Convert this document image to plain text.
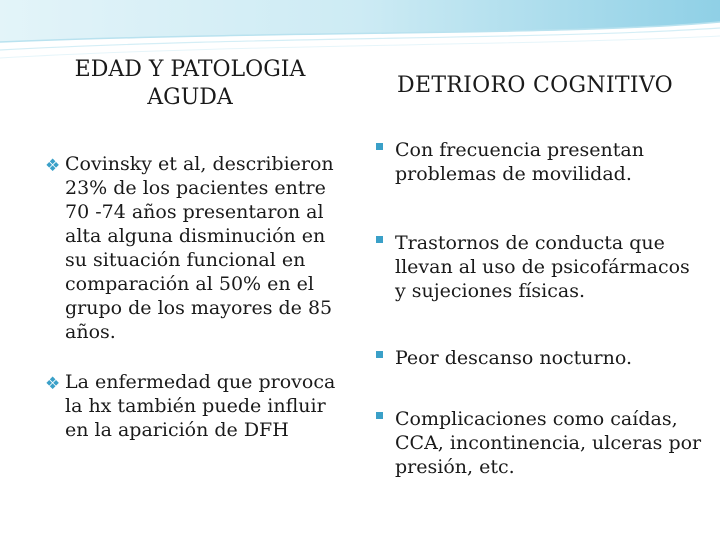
EDAD Y PATOLOGIA AGUDA	DETRIORO COGNITIVO
❖ Covinsky et al, describieron 23% de los pacientes entre 70 -74 años presentaron al alta alguna disminución en su situación funcional en comparación al 50% en el grupo de los mayores de 85 años.
❖ La enfermedad que provoca la hx también puede influir en la aparición de DFH
Con frecuencia presentan problemas de movilidad.
Trastornos de conducta que llevan al uso de psicofármacos y sujeciones físicas.
Peor descanso nocturno.
Complicaciones como caídas, CCA, incontinencia, ulceras por presión, etc.
